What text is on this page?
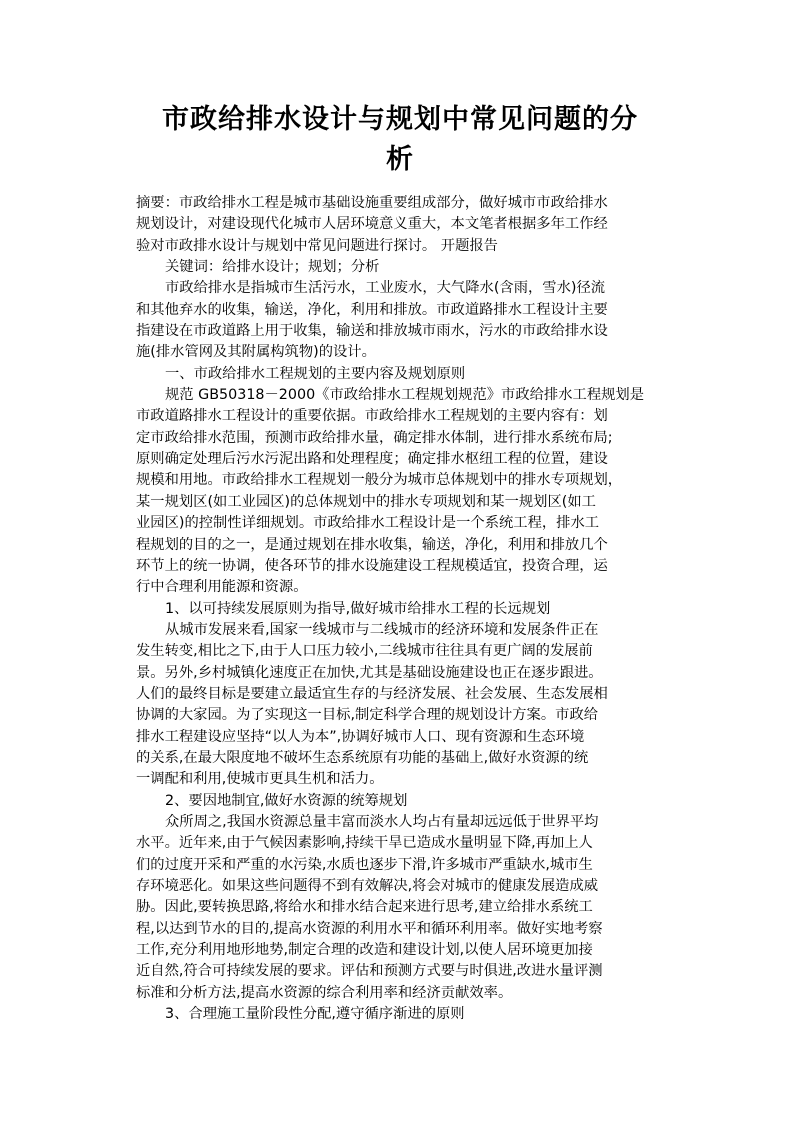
市政给排水设计与规划中常见问题的分
析
摘要：市政给排水工程是城市基础设施重要组成部分，做好城市市政给排水
规划设计，对建设现代化城市人居环境意义重大，本文笔者根据多年工作经
验对市政排水设计与规划中常见问题进行探讨。 开题报告
关键词：给排水设计；规划；分析
市政给排水是指城市生活污水，工业废水，大气降水(含雨，雪水)径流
和其他弃水的收集，输送，净化，利用和排放。市政道路排水工程设计主要
指建设在市政道路上用于收集，输送和排放城市雨水，污水的市政给排水设
施(排水管网及其附属构筑物)的设计。
一、市政给排水工程规划的主要内容及规划原则
规范 GB50318－2000《市政给排水工程规划规范》市政给排水工程规划是
市政道路排水工程设计的重要依据。市政给排水工程规划的主要内容有：划
定市政给排水范围，预测市政给排水量，确定排水体制，进行排水系统布局;
原则确定处理后污水污泥出路和处理程度；确定排水枢纽工程的位置，建设
规模和用地。市政给排水工程规划一般分为城市总体规划中的排水专项规划，
某一规划区(如工业园区)的总体规划中的排水专项规划和某一规划区(如工
业园区)的控制性详细规划。市政给排水工程设计是一个系统工程，排水工
程规划的目的之一，是通过规划在排水收集，输送，净化，利用和排放几个
环节上的统一协调，使各环节的排水设施建设工程规模适宜，投资合理，运
行中合理利用能源和资源。
1、以可持续发展原则为指导,做好城市给排水工程的长远规划
从城市发展来看,国家一线城市与二线城市的经济环境和发展条件正在
发生转变,相比之下,由于人口压力较小,二线城市往往具有更广阔的发展前
景。另外,乡村城镇化速度正在加快,尤其是基础设施建设也正在逐步跟进。
人们的最终目标是要建立最适宜生存的与经济发展、社会发展、生态发展相
协调的大家园。为了实现这一目标,制定科学合理的规划设计方案。市政给
排水工程建设应坚持“以人为本”,协调好城市人口、现有资源和生态环境
的关系,在最大限度地不破坏生态系统原有功能的基础上,做好水资源的统
一调配和利用,使城市更具生机和活力。
2、要因地制宜,做好水资源的统筹规划
众所周之,我国水资源总量丰富而淡水人均占有量却远远低于世界平均
水平。近年来,由于气候因素影响,持续干旱已造成水量明显下降,再加上人
们的过度开采和严重的水污染,水质也逐步下滑,许多城市严重缺水,城市生
存环境恶化。如果这些问题得不到有效解决,将会对城市的健康发展造成威
胁。因此,要转换思路,将给水和排水结合起来进行思考,建立给排水系统工
程,以达到节水的目的,提高水资源的利用水平和循环利用率。做好实地考察
工作,充分利用地形地势,制定合理的改造和建设计划,以使人居环境更加接
近自然,符合可持续发展的要求。评估和预测方式要与时俱进,改进水量评测
标准和分析方法,提高水资源的综合利用率和经济贡献效率。
3、合理施工量阶段性分配,遵守循序渐进的原则
